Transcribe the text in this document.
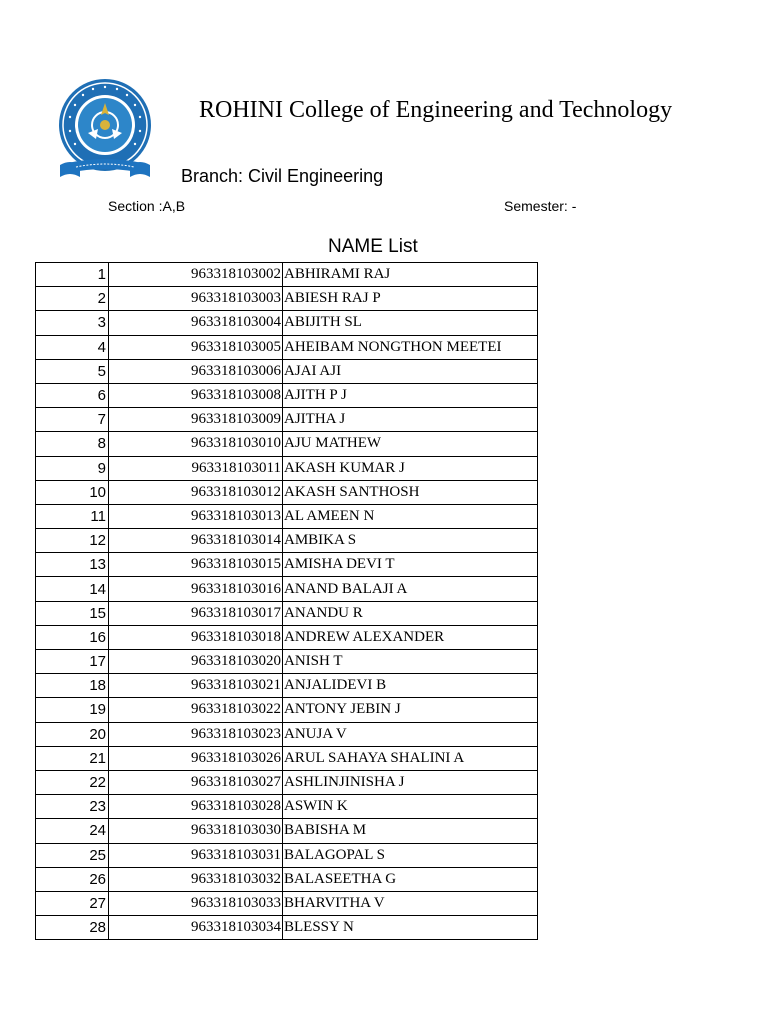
ROHINI College of Engineering and Technology
Branch: Civil Engineering
Section :A,B	Semester: -
NAME List
1	963318103002	ABHIRAMI RAJ
2	963318103003	ABIESH RAJ P
3	963318103004	ABIJITH SL
4	963318103005	AHEIBAM NONGTHON MEETEI
5	963318103006	AJAI AJI
6	963318103008	AJITH P J
7	963318103009	AJITHA J
8	963318103010	AJU MATHEW
9	963318103011	AKASH KUMAR J
10	963318103012	AKASH SANTHOSH
11	963318103013	AL AMEEN N
12	963318103014	AMBIKA S
13	963318103015	AMISHA DEVI T
14	963318103016	ANAND BALAJI A
15	963318103017	ANANDU R
16	963318103018	ANDREW ALEXANDER
17	963318103020	ANISH T
18	963318103021	ANJALIDEVI B
19	963318103022	ANTONY JEBIN J
20	963318103023	ANUJA V
21	963318103026	ARUL SAHAYA SHALINI A
22	963318103027	ASHLINJINISHA J
23	963318103028	ASWIN K
24	963318103030	BABISHA M
25	963318103031	BALAGOPAL S
26	963318103032	BALASEETHA G
27	963318103033	BHARVITHA V
28	963318103034	BLESSY N
